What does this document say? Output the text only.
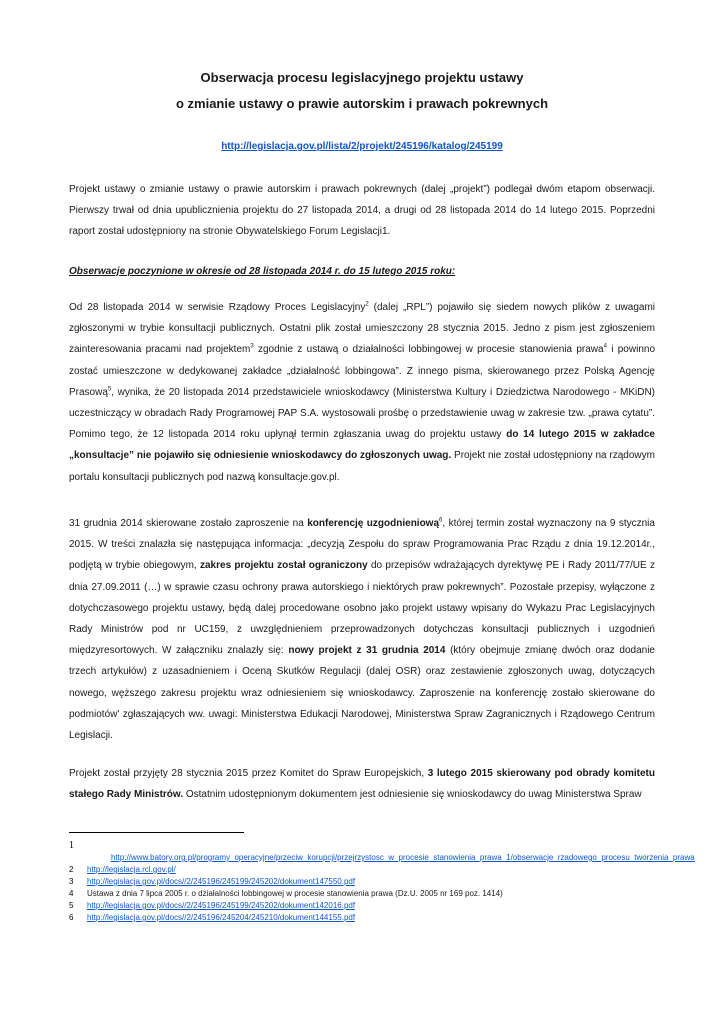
Obserwacja procesu legislacyjnego projektu ustawy
o zmianie ustawy o prawie autorskim i prawach pokrewnych
http://legislacja.gov.pl/lista/2/projekt/245196/katalog/245199

Projekt ustawy o zmianie ustawy o prawie autorskim i prawach pokrewnych (dalej „projekt”) podlegał dwóm etapom obserwacji. Pierwszy trwał od dnia upublicznienia projektu do 27 listopada 2014, a drugi od 28 listopada 2014 do 14 lutego 2015. Poprzedni raport został udostępniony na stronie Obywatelskiego Forum Legislacji1.

Obserwacje poczynione w okresie od 28 listopada 2014 r. do 15 lutego 2015 roku:

Od 28 listopada 2014 w serwisie Rządowy Proces Legislacyjny$^2$ (dalej „RPL”) pojawiło się siedem nowych plików z uwagami zgłoszonymi w trybie konsultacji publicznych. Ostatni plik został umieszczony 28 stycznia 2015. Jedno z pism jest zgłoszeniem zainteresowania pracami nad projektem$^3$ zgodnie z ustawą o działalności lobbingowej w procesie stanowienia prawa$^4$ i powinno zostać umieszczone w dedykowanej zakładce „działalność lobbingowa”. Z innego pisma, skierowanego przez Polską Agencję Prasową$^5$, wynika, że 20 listopada 2014 przedstawiciele wnioskodawcy (Ministerstwa Kultury i Dziedzictwa Narodowego - MKiDN) uczestniczący w obradach Rady Programowej PAP S.A. wystosowali prośbę o przedstawienie uwag w zakresie tzw. „prawa cytatu”. Pomimo tego, że 12 listopada 2014 roku upłynął termin zgłaszania uwag do projektu ustawy do 14 lutego 2015 w zakładce „konsultacje” nie pojawiło się odniesienie wnioskodawcy do zgłoszonych uwag. Projekt nie został udostępniony na rządowym portalu konsultacji publicznych pod nazwą konsultacje.gov.pl.

31 grudnia 2014 skierowane zostało zaproszenie na konferencję uzgodnieniową$^6$, której termin został wyznaczony na 9 stycznia 2015. W treści znalazła się następująca informacja: „decyzją Zespołu do spraw Programowania Prac Rządu z dnia 19.12.2014r., podjętą w trybie obiegowym, zakres projektu został ograniczony do przepisów wdrażających dyrektywę PE i Rady 2011/77/UE z dnia 27.09.2011 (…) w sprawie czasu ochrony prawa autorskiego i niektórych praw pokrewnych”. Pozostałe przepisy, wyłączone z dotychczasowego projektu ustawy, będą dalej procedowane osobno jako projekt ustawy wpisany do Wykazu Prac Legislacyjnych Rady Ministrów pod nr UC159, z uwzględnieniem przeprowadzonych dotychczas konsultacji publicznych i uzgodnień międzyresortowych. W załączniku znalazły się: nowy projekt z 31 grudnia 2014 (który obejmuje zmianę dwóch oraz dodanie trzech artykułów) z uzasadnieniem i Oceną Skutków Regulacji (dalej OSR) oraz zestawienie zgłoszonych uwag, dotyczących nowego, węższego zakresu projektu wraz odniesieniem się wnioskodawcy. Zaproszenie na konferencję zostało skierowane do podmiotów' zgłaszających ww. uwagi: Ministerstwa Edukacji Narodowej, Ministerstwa Spraw Zagranicznych i Rządowego Centrum Legislacji.

Projekt został przyjęty 28 stycznia 2015 przez Komitet do Spraw Europejskich, 3 lutego 2015 skierowany pod obrady komitetu stałego Rady Ministrów. Ostatnim udostępnionym dokumentem jest odniesienie się wnioskodawcy do uwag Ministerstwa Spraw

1
http://www.batory.org.pl/programy_operacyjne/przeciw_korupcji/przejrzystosc_w_procesie_stanowienia_prawa_1/obserwacje_rzadowego_procesu_tworzenia_prawa
2 http://legislacja.rcl.gov.pl/
3 http://legislacja.gov.pl/docs//2/245196/245199/245202/dokument147550.pdf
4 Ustawa z dnia 7 lipca 2005 r. o działalności lobbingowej w procesie stanowienia prawa (Dz.U. 2005 nr 169 poz. 1414)
5 http://legislacja.gov.pl/docs//2/245196/245199/245202/dokument142016.pdf
6 http://legislacja.gov.pl/docs//2/245196/245204/245210/dokument144155.pdf
